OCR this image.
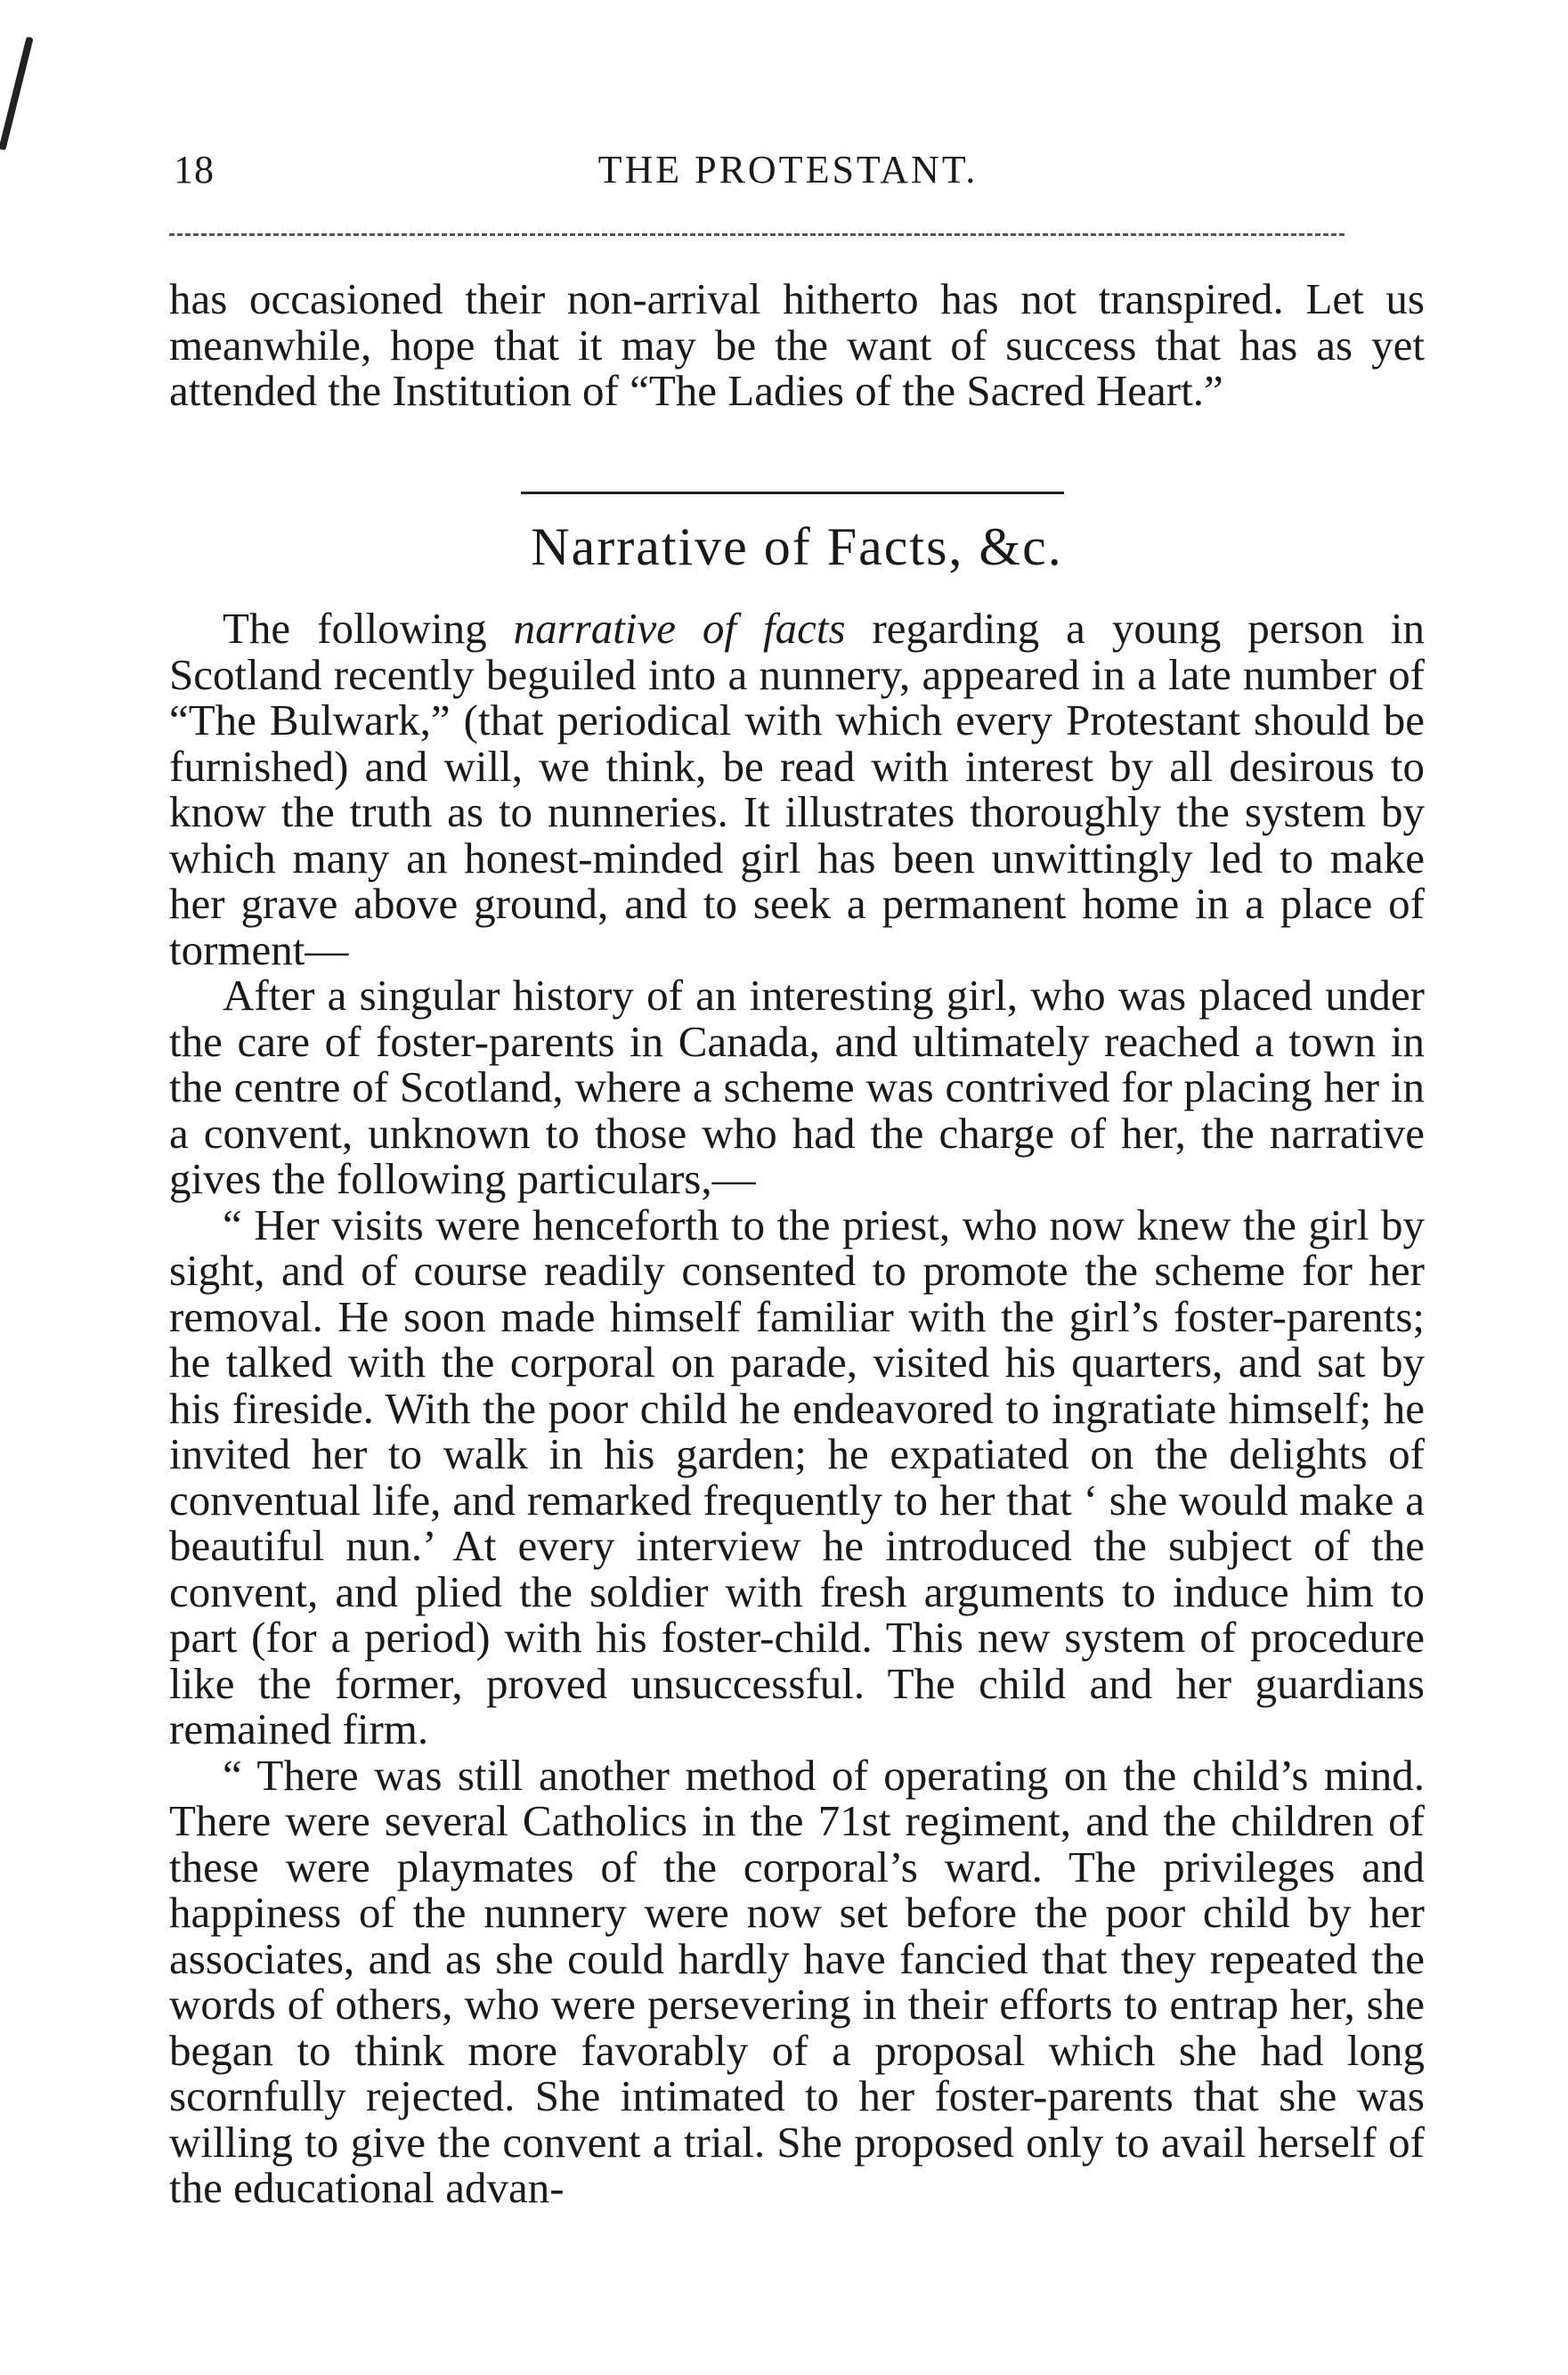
18	THE PROTESTANT.

has occasioned their non-arrival hitherto has not transpired. Let us meanwhile, hope that it may be the want of success that has as yet attended the Institution of “The Ladies of the Sacred Heart.”

Narrative of Facts, &c.

The following narrative of facts regarding a young person in Scotland recently beguiled into a nunnery, appeared in a late number of “The Bulwark,” (that periodical with which every Protestant should be furnished) and will, we think, be read with interest by all desirous to know the truth as to nunneries. It illustrates thoroughly the system by which many an honest-minded girl has been unwittingly led to make her grave above ground, and to seek a permanent home in a place of torment—

After a singular history of an interesting girl, who was placed under the care of foster-parents in Canada, and ultimately reached a town in the centre of Scotland, where a scheme was contrived for placing her in a convent, unknown to those who had the charge of her, the narrative gives the following particulars,—

“ Her visits were henceforth to the priest, who now knew the girl by sight, and of course readily consented to promote the scheme for her removal. He soon made himself familiar with the girl’s foster-parents; he talked with the corporal on parade, visited his quarters, and sat by his fireside. With the poor child he endeavored to ingratiate himself; he invited her to walk in his garden; he expatiated on the delights of conventual life, and remarked frequently to her that ‘ she would make a beautiful nun.’ At every interview he introduced the subject of the convent, and plied the soldier with fresh arguments to induce him to part (for a period) with his foster-child. This new system of procedure like the former, proved unsuccessful. The child and her guardians remained firm.

“ There was still another method of operating on the child’s mind. There were several Catholics in the 71st regiment, and the children of these were playmates of the corporal’s ward. The privileges and happiness of the nunnery were now set before the poor child by her associates, and as she could hardly have fancied that they repeated the words of others, who were persevering in their efforts to entrap her, she began to think more favorably of a proposal which she had long scornfully rejected. She intimated to her foster-parents that she was willing to give the convent a trial. She proposed only to avail herself of the educational advan-
